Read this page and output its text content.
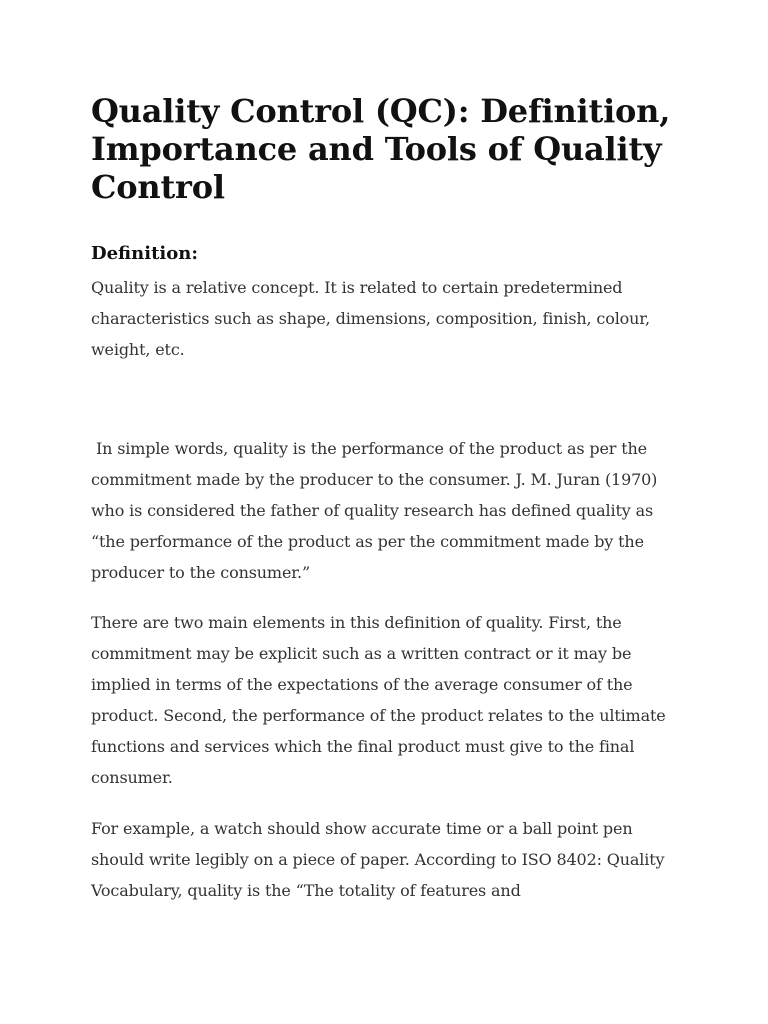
Quality Control (QC): Definition, Importance and Tools of Quality Control
Definition:

Quality is a relative concept. It is related to certain predetermined characteristics such as shape, dimensions, composition, finish, colour, weight, etc.

In simple words, quality is the performance of the product as per the commitment made by the producer to the consumer. J. M. Juran (1970) who is considered the father of quality research has defined quality as “the performance of the product as per the commitment made by the producer to the consumer.”

There are two main elements in this definition of quality. First, the commitment may be explicit such as a written contract or it may be implied in terms of the expectations of the average consumer of the product. Second, the performance of the product relates to the ultimate functions and services which the final product must give to the final consumer.

For example, a watch should show accurate time or a ball point pen should write legibly on a piece of paper. According to ISO 8402: Quality Vocabulary, quality is the “The totality of features and
